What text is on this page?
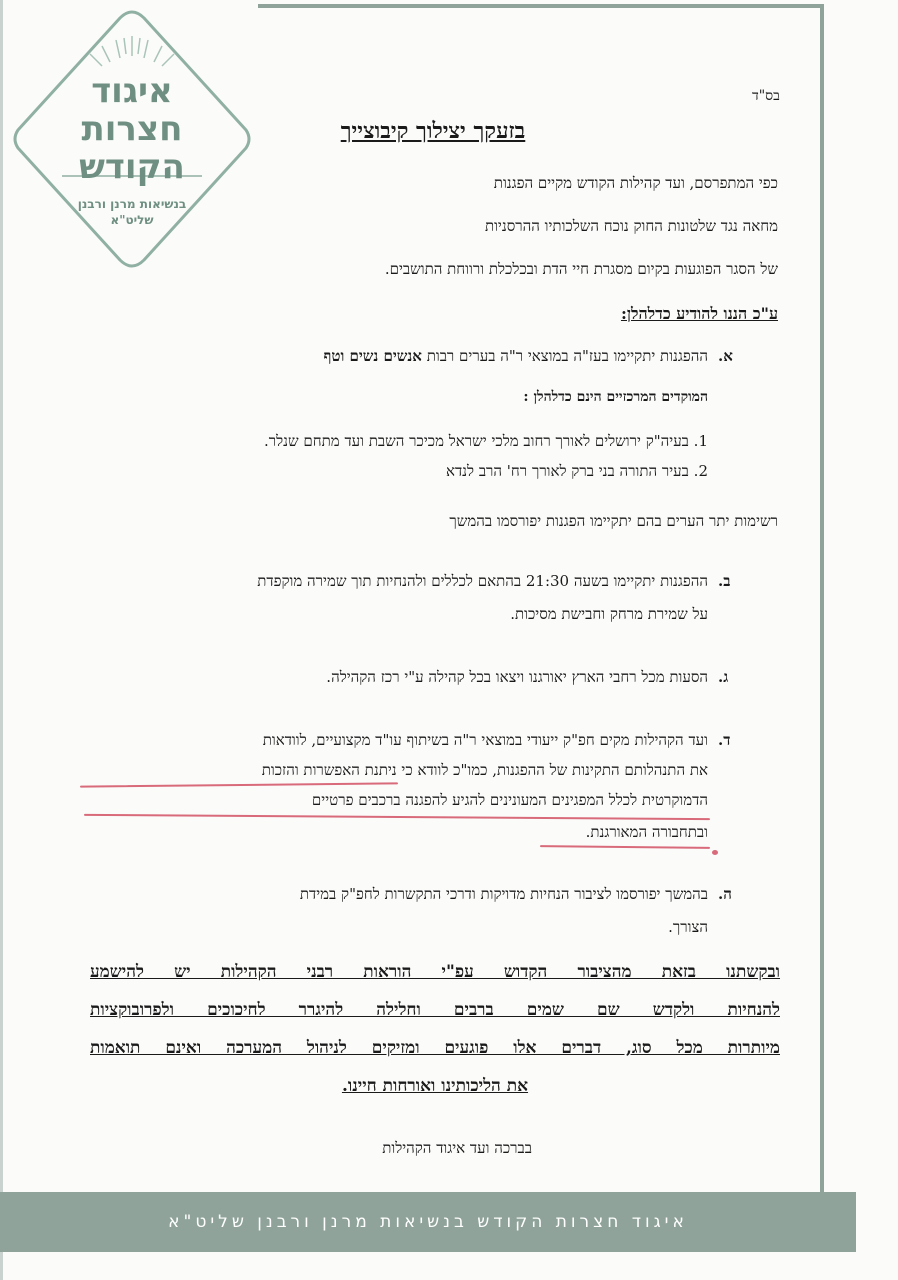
איגוד
חצרות
הקודש
בנשיאות מרנן ורבנן
שליט"א
בס"ד
בזעקך יצילוך קיבוצייך
כפי המתפרסם, ועד קהילות הקודש מקיים הפגנות
מחאה נגד שלטונות החוק נוכח השלכותיו ההרסניות
של הסגר הפוגעות בקיום מסגרת חיי הדת ובכלכלת ורווחת התושבים.
ע"כ הננו להודיע כדלהלן:
א.
ההפגנות יתקיימו בעז"ה במוצאי ר"ה בערים רבות אנשים נשים וטף
המוקדים המרכזיים הינם כדלהלן :
1. בעיה"ק ירושלים לאורך רחוב מלכי ישראל מכיכר השבת ועד מתחם שנלר.
2. בעיר התורה בני ברק לאורך רח' הרב לנדא
רשימות יתר הערים בהם יתקיימו הפגנות יפורסמו בהמשך
ב.
ההפגנות יתקיימו בשעה 21:30 בהתאם לכללים ולהנחיות תוך שמירה מוקפדת
על שמירת מרחק וחבישת מסיכות.
ג.
הסעות מכל רחבי הארץ יאורגנו ויצאו בכל קהילה ע"י רכז הקהילה.
ד.
ועד הקהילות מקים חפ"ק ייעודי במוצאי ר"ה בשיתוף עו"ד מקצועיים, לוודאות
את התנהלותם התקינות של ההפגנות, כמו"כ לוודא כי ניתנת האפשרות והזכות
הדמוקרטית לכלל המפגינים המעונינים להגיע להפגנה ברכבים פרטיים
ובתחבורה המאורגנת.
ה.
בהמשך יפורסמו לציבור הנחיות מדויקות ודרכי התקשרות לחפ"ק במידת
הצורך.
ובקשתנו בזאת מהציבור הקדוש עפ"י הוראות רבני הקהילות יש להישמע
להנחיות ולקדש שם שמים ברבים וחלילה להיגרר לחיכוכים ולפרובוקציות
מיותרות מכל סוג, דברים אלו פוגעים ומזיקים לניהול המערכה ואינם תואמות
את הליכותינו ואורחות חיינו.
בברכה ועד איגוד הקהילות
איגוד חצרות הקודש בנשיאות מרנן ורבנן שליט"א
